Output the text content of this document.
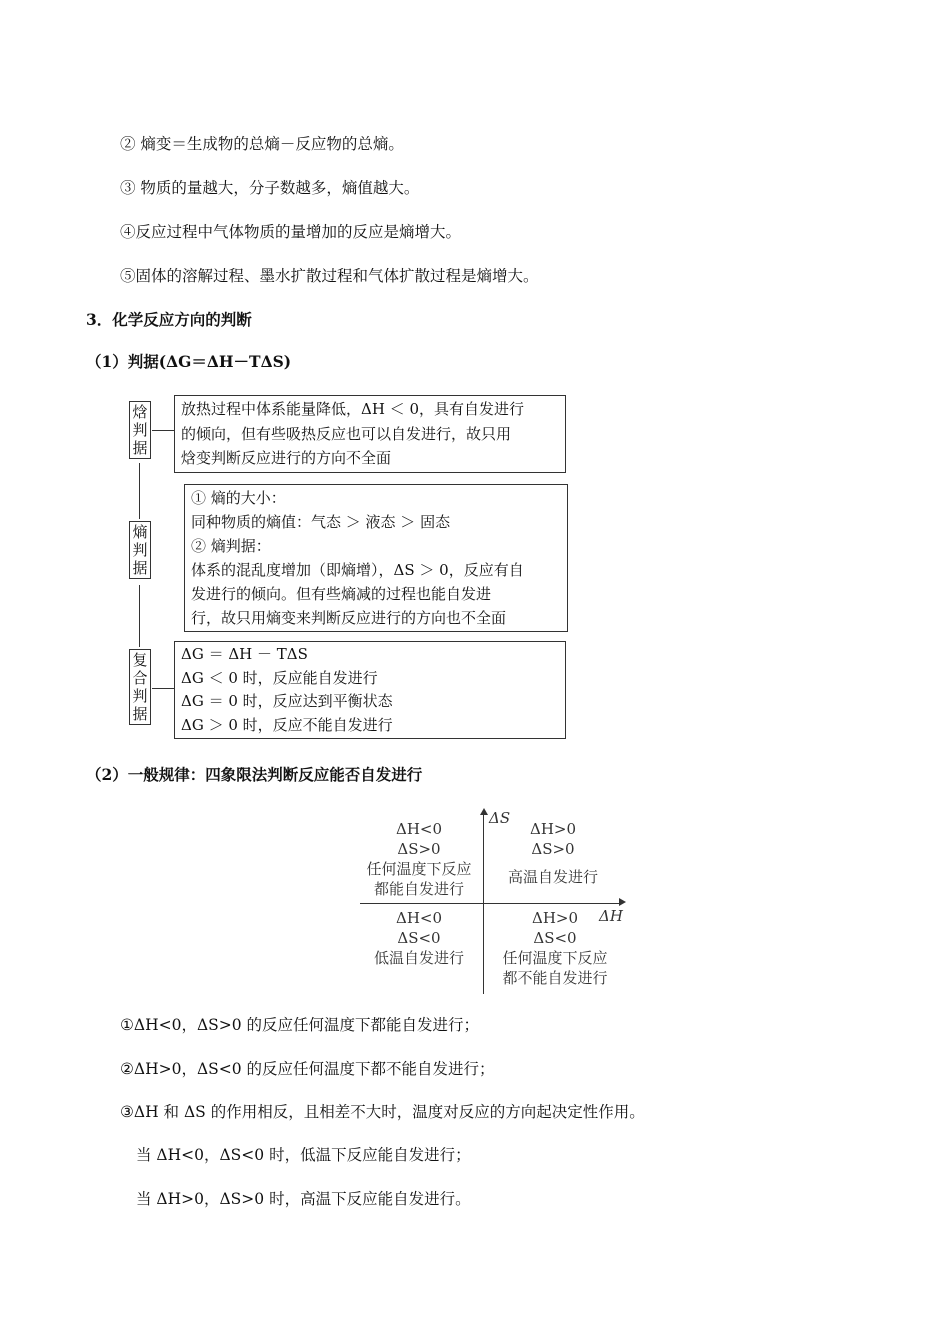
② 熵变＝生成物的总熵－反应物的总熵。
③ 物质的量越大，分子数越多，熵值越大。
④反应过程中气体物质的量增加的反应是熵增大。
⑤固体的溶解过程、墨水扩散过程和气体扩散过程是熵增大。
3．化学反应方向的判断
（1）判据(ΔG＝ΔH－TΔS)
焓
判
据
放热过程中体系能量降低，ΔH ＜ 0，具有自发进行
的倾向，但有些吸热反应也可以自发进行，故只用
焓变判断反应进行的方向不全面
熵
判
据
① 熵的大小：
同种物质的熵值：气态 ＞ 液态 ＞ 固态
② 熵判据：
体系的混乱度增加（即熵增），ΔS ＞ 0，反应有自
发进行的倾向。但有些熵减的过程也能自发进
行，故只用熵变来判断反应进行的方向也不全面
复
合
判
据
ΔG ＝ ΔH － TΔS
ΔG ＜ 0 时，反应能自发进行
ΔG ＝ 0 时，反应达到平衡状态
ΔG ＞ 0 时，反应不能自发进行
（2）一般规律：四象限法判断反应能否自发进行
ΔS
ΔH
ΔH<0
ΔS>0
任何温度下反应
都能自发进行
ΔH>0
ΔS>0
高温自发进行
ΔH<0
ΔS<0
低温自发进行
ΔH>0
ΔS<0
任何温度下反应
都不能自发进行
①ΔH<0，ΔS>0 的反应任何温度下都能自发进行；
②ΔH>0，ΔS<0 的反应任何温度下都不能自发进行；
③ΔH 和 ΔS 的作用相反，且相差不大时，温度对反应的方向起决定性作用。
当 ΔH<0，ΔS<0 时，低温下反应能自发进行；
当 ΔH>0，ΔS>0 时，高温下反应能自发进行。
